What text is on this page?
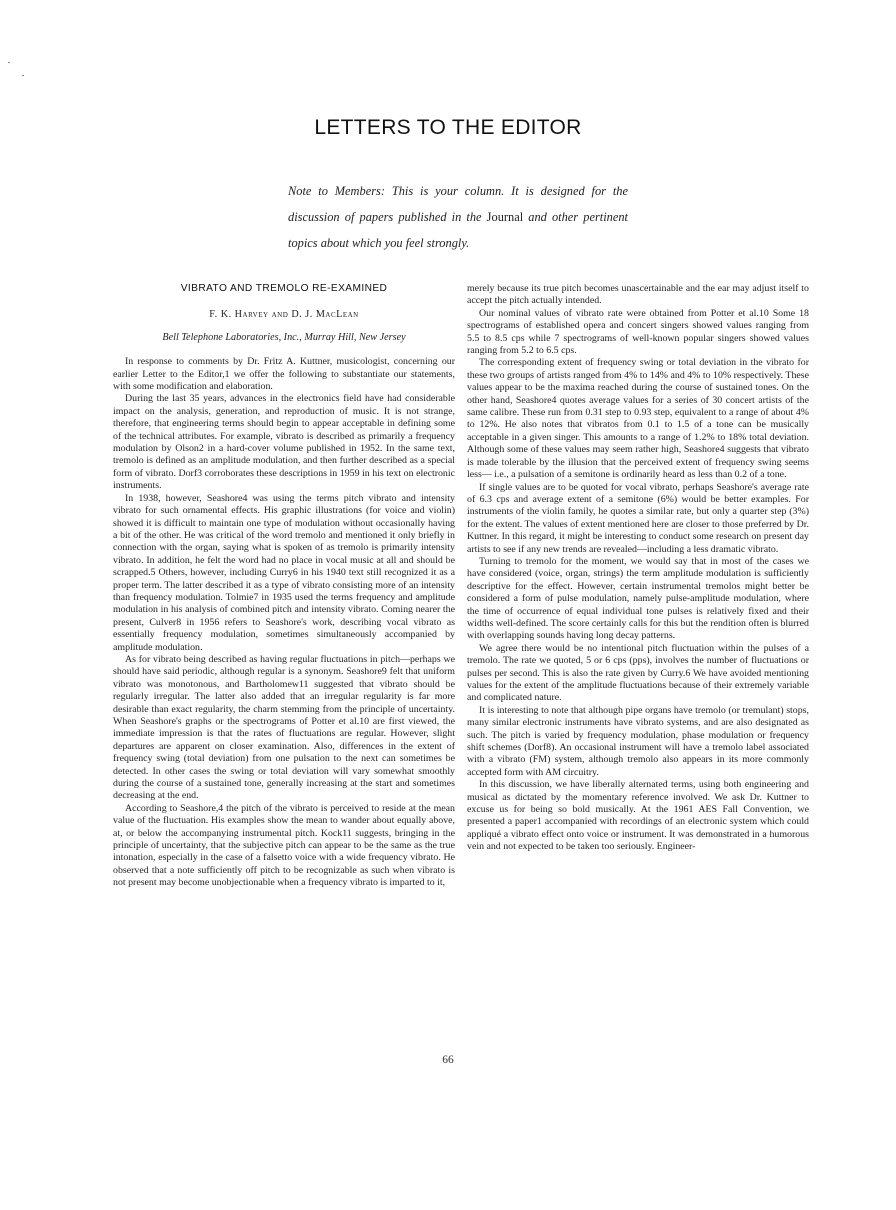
LETTERS TO THE EDITOR
Note to Members: This is your column. It is designed for the discussion of papers published in the Journal and other pertinent topics about which you feel strongly.
VIBRATO AND TREMOLO RE-EXAMINED
F. K. Harvey and D. J. MacLean
Bell Telephone Laboratories, Inc., Murray Hill, New Jersey

In response to comments by Dr. Fritz A. Kuttner, musicologist, concerning our earlier Letter to the Editor,1 we offer the following to substantiate our statements, with some modification and elaboration.

During the last 35 years, advances in the electronics field have had considerable impact on the analysis, generation, and reproduction of music. It is not strange, therefore, that engineering terms should begin to appear acceptable in defining some of the technical attributes. For example, vibrato is described as primarily a frequency modulation by Olson2 in a hard-cover volume published in 1952. In the same text, tremolo is defined as an amplitude modulation, and then further described as a special form of vibrato. Dorf3 corroborates these descriptions in 1959 in his text on electronic instruments.

In 1938, however, Seashore4 was using the terms pitch vibrato and intensity vibrato for such ornamental effects. His graphic illustrations (for voice and violin) showed it is difficult to maintain one type of modulation without occasionally having a bit of the other. He was critical of the word tremolo and mentioned it only briefly in connection with the organ, saying what is spoken of as tremolo is primarily intensity vibrato. In addition, he felt the word had no place in vocal music at all and should be scrapped.5 Others, however, including Curry6 in his 1940 text still recognized it as a proper term. The latter described it as a type of vibrato consisting more of an intensity than frequency modulation. Tolmie7 in 1935 used the terms frequency and amplitude modulation in his analysis of combined pitch and intensity vibrato. Coming nearer the present, Culver8 in 1956 refers to Seashore's work, describing vocal vibrato as essentially frequency modulation, sometimes simultaneously accompanied by amplitude modulation.

As for vibrato being described as having regular fluctuations in pitch—perhaps we should have said periodic, although regular is a synonym. Seashore9 felt that uniform vibrato was monotonous, and Bartholomew11 suggested that vibrato should be regularly irregular. The latter also added that an irregular regularity is far more desirable than exact regularity, the charm stemming from the principle of uncertainty. When Seashore's graphs or the spectrograms of Potter et al.10 are first viewed, the immediate impression is that the rates of fluctuations are regular. However, slight departures are apparent on closer examination. Also, differences in the extent of frequency swing (total deviation) from one pulsation to the next can sometimes be detected. In other cases the swing or total deviation will vary somewhat smoothly during the course of a sustained tone, generally increasing at the start and sometimes decreasing at the end.

According to Seashore,4 the pitch of the vibrato is perceived to reside at the mean value of the fluctuation. His examples show the mean to wander about equally above, at, or below the accompanying instrumental pitch. Kock11 suggests, bringing in the principle of uncertainty, that the subjective pitch can appear to be the same as the true intonation, especially in the case of a falsetto voice with a wide frequency vibrato. He observed that a note sufficiently off pitch to be recognizable as such when vibrato is not present may become unobjectionable when a frequency vibrato is imparted to it,

merely because its true pitch becomes unascertainable and the ear may adjust itself to accept the pitch actually intended.

Our nominal values of vibrato rate were obtained from Potter et al.10 Some 18 spectrograms of established opera and concert singers showed values ranging from 5.5 to 8.5 cps while 7 spectrograms of well-known popular singers showed values ranging from 5.2 to 6.5 cps.

The corresponding extent of frequency swing or total deviation in the vibrato for these two groups of artists ranged from 4% to 14% and 4% to 10% respectively. These values appear to be the maxima reached during the course of sustained tones. On the other hand, Seashore4 quotes average values for a series of 30 concert artists of the same calibre. These run from 0.31 step to 0.93 step, equivalent to a range of about 4% to 12%. He also notes that vibratos from 0.1 to 1.5 of a tone can be musically acceptable in a given singer. This amounts to a range of 1.2% to 18% total deviation. Although some of these values may seem rather high, Seashore4 suggests that vibrato is made tolerable by the illusion that the perceived extent of frequency swing seems less— i.e., a pulsation of a semitone is ordinarily heard as less than 0.2 of a tone.

If single values are to be quoted for vocal vibrato, perhaps Seashore's average rate of 6.3 cps and average extent of a semitone (6%) would be better examples. For instruments of the violin family, he quotes a similar rate, but only a quarter step (3%) for the extent. The values of extent mentioned here are closer to those preferred by Dr. Kuttner. In this regard, it might be interesting to conduct some research on present day artists to see if any new trends are revealed—including a less dramatic vibrato.

Turning to tremolo for the moment, we would say that in most of the cases we have considered (voice, organ, strings) the term amplitude modulation is sufficiently descriptive for the effect. However, certain instrumental tremolos might better be considered a form of pulse modulation, namely pulse-amplitude modulation, where the time of occurrence of equal individual tone pulses is relatively fixed and their widths well-defined. The score certainly calls for this but the rendition often is blurred with overlapping sounds having long decay patterns.

We agree there would be no intentional pitch fluctuation within the pulses of a tremolo. The rate we quoted, 5 or 6 cps (pps), involves the number of fluctuations or pulses per second. This is also the rate given by Curry.6 We have avoided mentioning values for the extent of the amplitude fluctuations because of their extremely variable and complicated nature.

It is interesting to note that although pipe organs have tremolo (or tremulant) stops, many similar electronic instruments have vibrato systems, and are also designated as such. The pitch is varied by frequency modulation, phase modulation or frequency shift schemes (Dorf8). An occasional instrument will have a tremolo label associated with a vibrato (FM) system, although tremolo also appears in its more commonly accepted form with AM circuitry.

In this discussion, we have liberally alternated terms, using both engineering and musical as dictated by the momentary reference involved. We ask Dr. Kuttner to excuse us for being so bold musically. At the 1961 AES Fall Convention, we presented a paper1 accompanied with recordings of an electronic system which could appliqué a vibrato effect onto voice or instrument. It was demonstrated in a humorous vein and not expected to be taken too seriously. Engineer-

66
